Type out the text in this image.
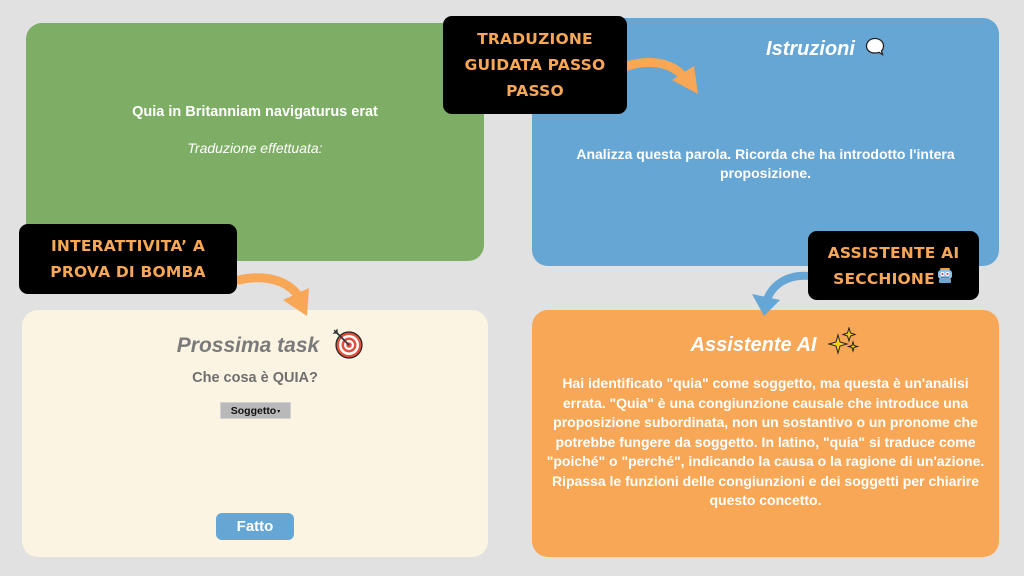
Quia in Britanniam navigaturus erat
Traduzione effettuata:
Istruzioni
Analizza questa parola. Ricorda che ha introdotto l'intera proposizione.
Prossima task
Che cosa è QUIA?
Soggetto ▾
Fatto
Assistente AI
Hai identificato "quia" come soggetto, ma questa è un'analisi errata. "Quia" è una congiunzione causale che introduce una proposizione subordinata, non un sostantivo o un pronome che potrebbe fungere da soggetto. In latino, "quia" si traduce come "poiché" o "perché", indicando la causa o la ragione di un'azione. Ripassa le funzioni delle congiunzioni e dei soggetti per chiarire questo concetto.
TRADUZIONE
GUIDATA PASSO
PASSO
INTERATTIVITA’ A
PROVA DI BOMBA
ASSISTENTE AI
SECCHIONE
